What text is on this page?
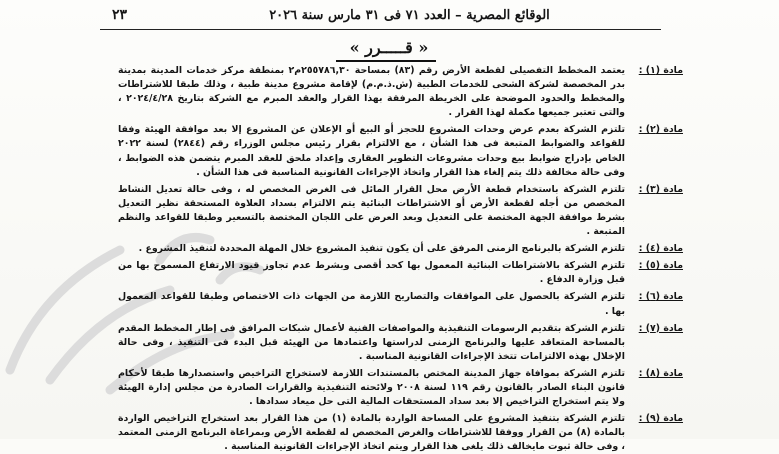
٢٣	الوقائع المصرية – العدد ٧١ فى ٣١ مارس سنة ٢٠٢٦
« قـــــرر »
مادة (١) :
يعتمد المخطط التفصيلى لقطعة الأرض رقم (٨٣) بمساحة ٢٥٥٧٨٦,٣٠م٢ بمنطقة مركز خدمات المدينة بمدينة بدر المخصصة لشركة الشحى للخدمات الطبية (ش.ذ.م.م) لإقامة مشروع مدينة طبية ، وذلك طبقا للاشتراطات والمخطط والحدود الموضحة على الخريطة المرفقة بهذا القرار والعقد المبرم مع الشركة بتاريخ ٢٠٢٤/٤/٢٨ ، والتى تعتبر جميعها مكملة لهذا القرار .
مادة (٢) :
تلتزم الشركة بعدم عرض وحدات المشروع للحجز أو البيع أو الإعلان عن المشروع إلا بعد موافقة الهيئة وفقا للقواعد والضوابط المتبعة فى هذا الشأن ، مع الالتزام بقرار رئيس مجلس الوزراء رقم (٢٨٤٤) لسنة ٢٠٢٢ الخاص بإدراج ضوابط بيع وحدات مشروعات التطوير العقارى وإعداد ملحق للعقد المبرم يتضمن هذه الضوابط ، وفى حالة مخالفة ذلك يتم إلغاء هذا القرار واتخاذ الإجراءات القانونية المناسبة فى هذا الشأن .
مادة (٣) :
تلتزم الشركة باستخدام قطعة الأرض محل القرار المائل فى الغرض المخصص له ، وفى حالة تعديل النشاط المخصص من أجله لقطعة الأرض أو الاشتراطات البنائية يتم الالتزام بسداد العلاوة المستحقة نظير التعديل بشرط موافقة الجهة المختصة على التعديل وبعد العرض على اللجان المختصة بالتسعير وطبقا للقواعد والنظم المتبعة .
مادة (٤) :
تلتزم الشركة بالبرنامج الزمنى المرفق على أن يكون تنفيذ المشروع خلال المهلة المحددة لتنفيذ المشروع .
مادة (٥) :
تلتزم الشركة بالاشتراطات البنائية المعمول بها كحد أقصى وبشرط عدم تجاوز قيود الارتفاع المسموح بها من قبل وزارة الدفاع .
مادة (٦) :
تلتزم الشركة بالحصول على الموافقات والتصاريح اللازمة من الجهات ذات الاختصاص وطبقا للقواعد المعمول بها .
مادة (٧) :
تلتزم الشركة بتقديم الرسومات التنفيذية والمواصفات الفنية لأعمال شبكات المرافق فى إطار المخطط المقدم بالمساحة المتعاقد عليها والبرنامج الزمنى لدراستها واعتمادها من الهيئة قبل البدء فى التنفيذ ، وفى حالة الإخلال بهذه الالتزامات تتخذ الإجراءات القانونية المناسبة .
مادة (٨) :
تلتزم الشركة بموافاة جهاز المدينة المختص بالمستندات اللازمة لاستخراج التراخيص واستصدارها طبقا لأحكام قانون البناء الصادر بالقانون رقم ١١٩ لسنة ٢٠٠٨ ولائحته التنفيذية والقرارات الصادرة من مجلس إدارة الهيئة ولا يتم استخراج التراخيص إلا بعد سداد المستحقات المالية التى حل ميعاد سدادها .
مادة (٩) :
تلتزم الشركة بتنفيذ المشروع على المساحة الواردة بالمادة (١) من هذا القرار بعد استخراج التراخيص الواردة بالمادة (٨) من القرار ووفقا للاشتراطات والغرض المخصص له لقطعة الأرض وبمراعاة البرنامج الزمنى المعتمد ، وفى حالة ثبوت مايخالف ذلك يلغى هذا القرار ويتم اتخاذ الإجراءات القانونية المناسبة .
